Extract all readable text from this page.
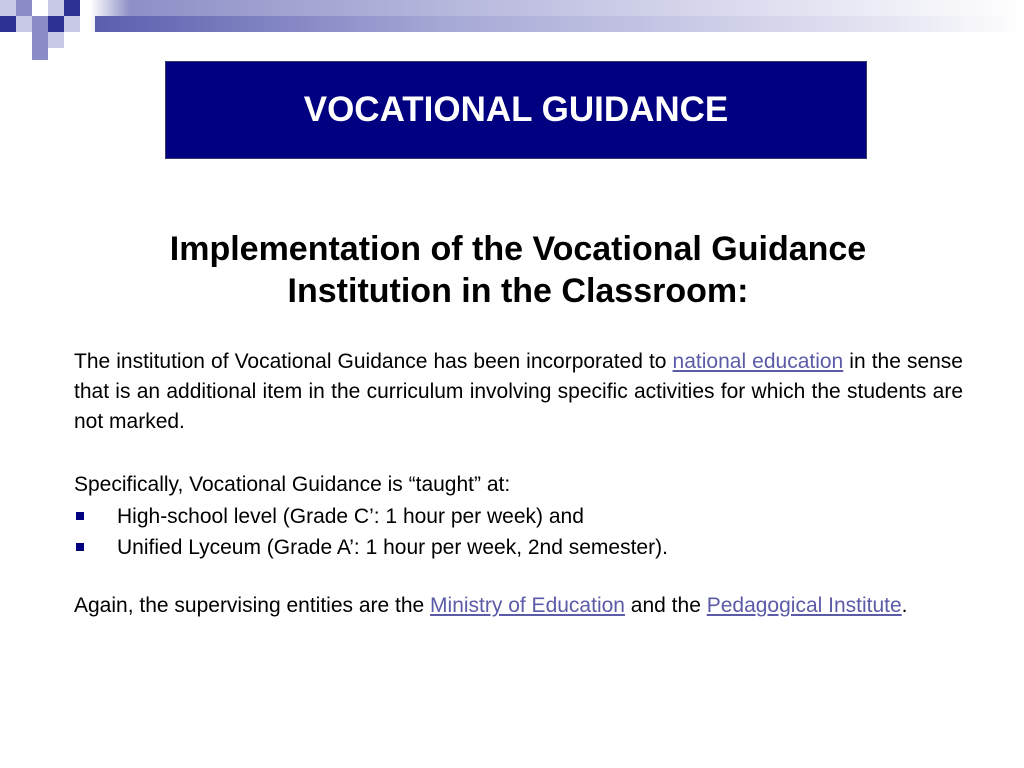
VOCATIONAL GUIDANCE
Implementation of the Vocational Guidance
Institution in the Classroom:
The institution of Vocational Guidance has been incorporated to national education in the sense that is an additional item in the curriculum involving specific activities for which the students are not marked.
Specifically, Vocational Guidance is “taught” at:
High-school level (Grade C’: 1 hour per week) and
Unified Lyceum (Grade A’: 1 hour per week, 2nd semester).
Again, the supervising entities are the Ministry of Education and the Pedagogical Institute.
